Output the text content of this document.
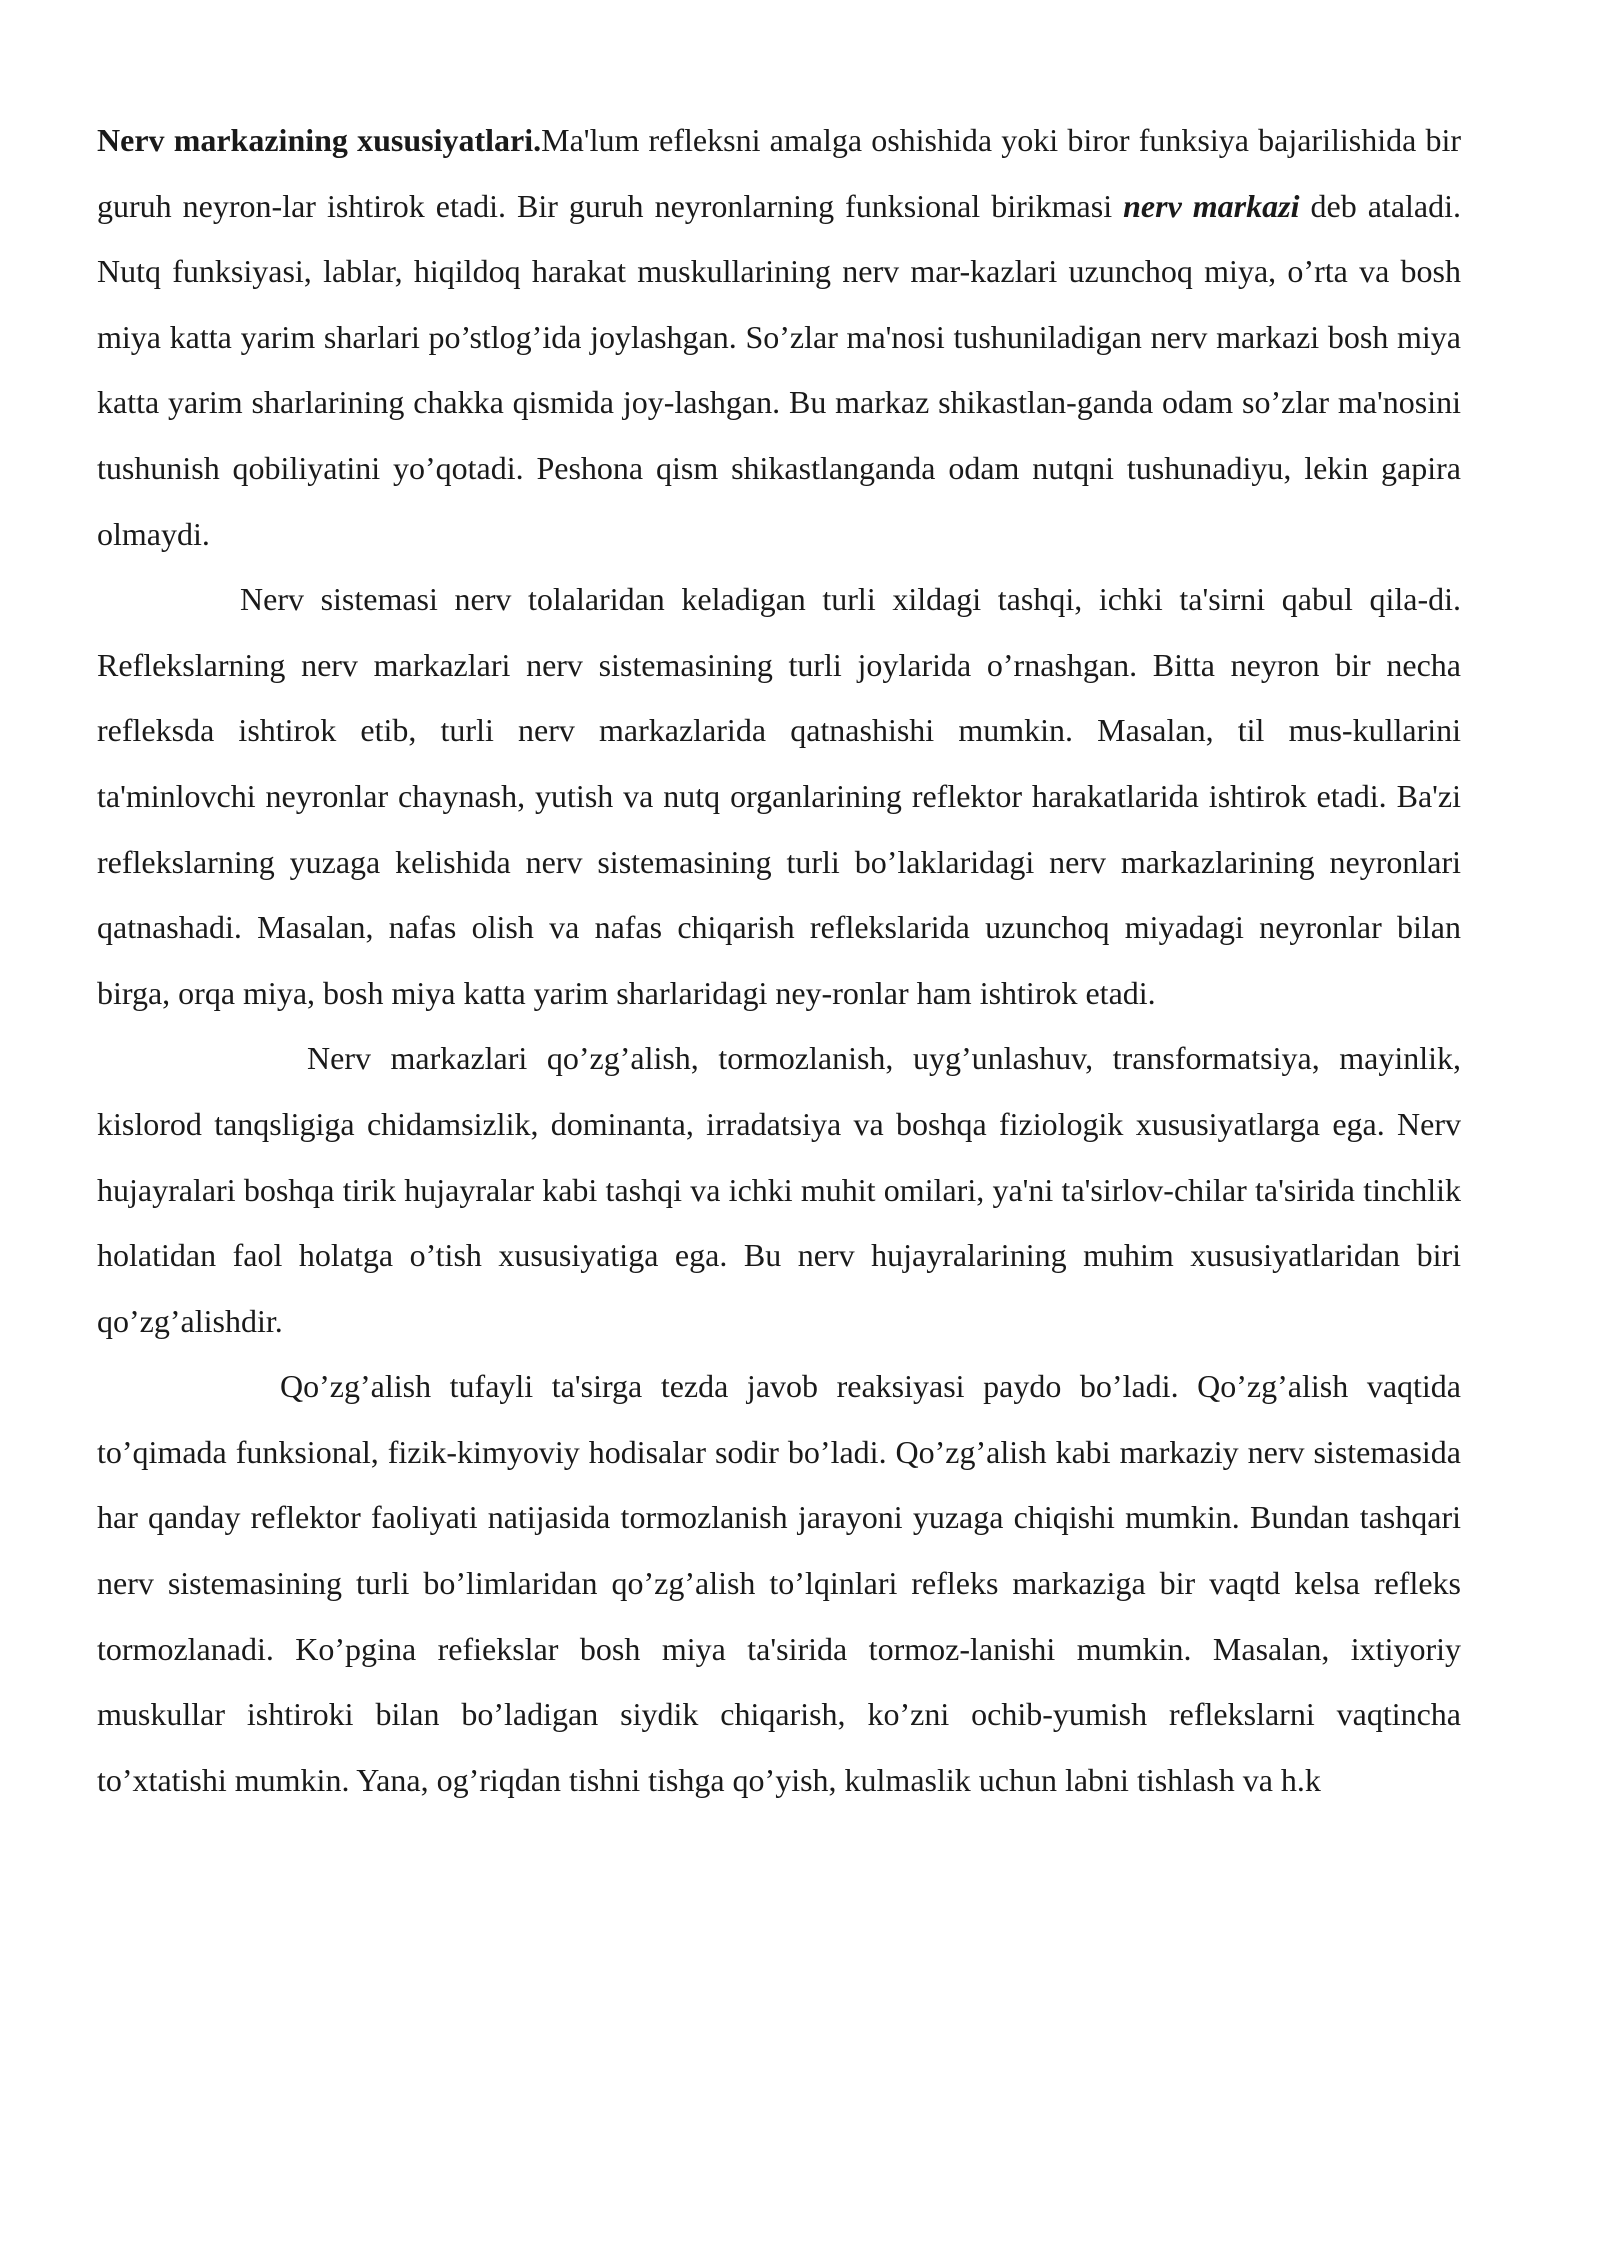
Nerv markazining xususiyatlari.Ma'lum refleksni amalga oshishida yoki biror funksiya bajarilishida bir guruh neyron-lar ishtirok etadi. Bir guruh neyronlarning funksional birikmasi nerv markazi deb ataladi. Nutq funksiyasi, lablar, hiqildoq harakat muskullarining nerv mar-kazlari uzunchoq miya, o’rta va bosh miya katta yarim sharlari po’stlog’ida joylashgan. So’zlar ma'nosi tushuniladigan nerv markazi bosh miya katta yarim sharlarining chakka qismida joy-lashgan. Bu markaz shikastlan-ganda odam so’zlar ma'nosini tushunish qobiliyatini yo’qotadi. Peshona qism shikastlanganda odam nutqni tushunadiyu, lekin gapira olmaydi.

Nerv sistemasi nerv tolalaridan keladigan turli xildagi tashqi, ichki ta'sirni qabul qila-di. Reflekslarning nerv markazlari nerv sistemasining turli joylarida o’rnashgan. Bitta neyron bir necha refleksda ishtirok etib, turli nerv markazlarida qatnashishi mumkin. Masalan, til mus-kullarini ta'minlovchi neyronlar chaynash, yutish va nutq organlarining reflektor harakatlarida ishtirok etadi. Ba'zi reflekslarning yuzaga kelishida nerv sistemasining turli bo’laklaridagi nerv markazlarining neyronlari qatnashadi. Masalan, nafas olish va nafas chiqarish reflekslarida uzunchoq miyadagi neyronlar bilan birga, orqa miya, bosh miya katta yarim sharlaridagi ney-ronlar ham ishtirok etadi.

Nerv markazlari qo’zg’alish, tormozlanish, uyg’unlashuv, transformatsiya, mayinlik, kislorod tanqsligiga chidamsizlik, dominanta, irradatsiya va boshqa fiziologik xususiyatlarga ega. Nerv hujayralari boshqa tirik hujayralar kabi tashqi va ichki muhit omilari, ya'ni ta'sirlov-chilar ta'sirida tinchlik holatidan faol holatga o’tish xususiyatiga ega. Bu nerv hujayralarining muhim xususiyatlaridan biri qo’zg’alishdir.

Qo’zg’alish tufayli ta'sirga tezda javob reaksiyasi paydo bo’ladi. Qo’zg’alish vaqtida to’qimada funksional, fizik-kimyoviy hodisalar sodir bo’ladi. Qo’zg’alish kabi markaziy nerv sistemasida har qanday reflektor faoliyati natijasida tormozlanish jarayoni yuzaga chiqishi mumkin. Bundan tashqari nerv sistemasining turli bo’limlaridan qo’zg’alish to’lqinlari refleks markaziga bir vaqtd kelsa refleks tormozlanadi. Ko’pgina refiekslar bosh miya ta'sirida tormoz-lanishi mumkin. Masalan, ixtiyoriy muskullar ishtiroki bilan bo’ladigan siydik chiqarish, ko’zni ochib-yumish reflekslarni vaqtincha to’xtatishi mumkin. Yana, og’riqdan tishni tishga qo’yish, kulmaslik uchun labni tishlash va h.k
